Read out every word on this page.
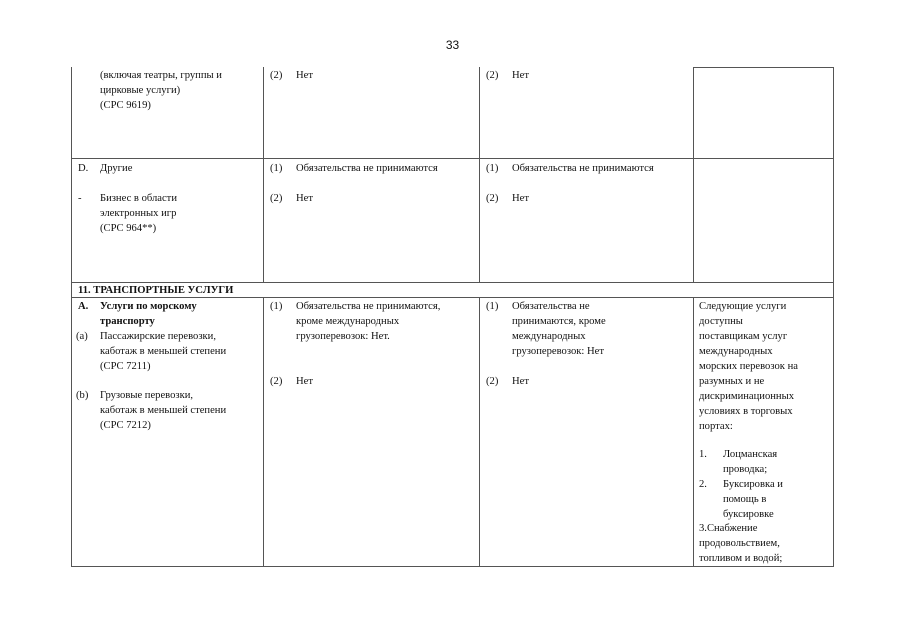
33
(включая театры, группы и
цирковые услуги)
(CPC 9619)
(2) Нет	(2) Нет
D. Другие
- Бизнес в области
электронных игр
(CPC 964**)
(1) Обязательства не принимаются
(2) Нет
(1) Обязательства не принимаются
(2) Нет
11. ТРАНСПОРТНЫЕ УСЛУГИ
A. Услуги по морскому
транспорту
(a) Пассажирские перевозки,
каботаж в меньшей степени
(CPC 7211)
(b) Грузовые перевозки,
каботаж в меньшей степени
(CPC 7212)
(1) Обязательства не принимаются,
кроме международных
грузоперевозок: Нет.
(2) Нет
(1) Обязательства не
принимаются, кроме
международных
грузоперевозок: Нет
(2) Нет
Следующие услуги
доступны
поставщикам услуг
международных
морских перевозок на
разумных и не
дискриминационных
условиях в торговых
портах:
1. Лоцманская
проводка;
2. Буксировка и
помощь в
буксировке
3.Снабжение
продовольствием,
топливом и водой;
